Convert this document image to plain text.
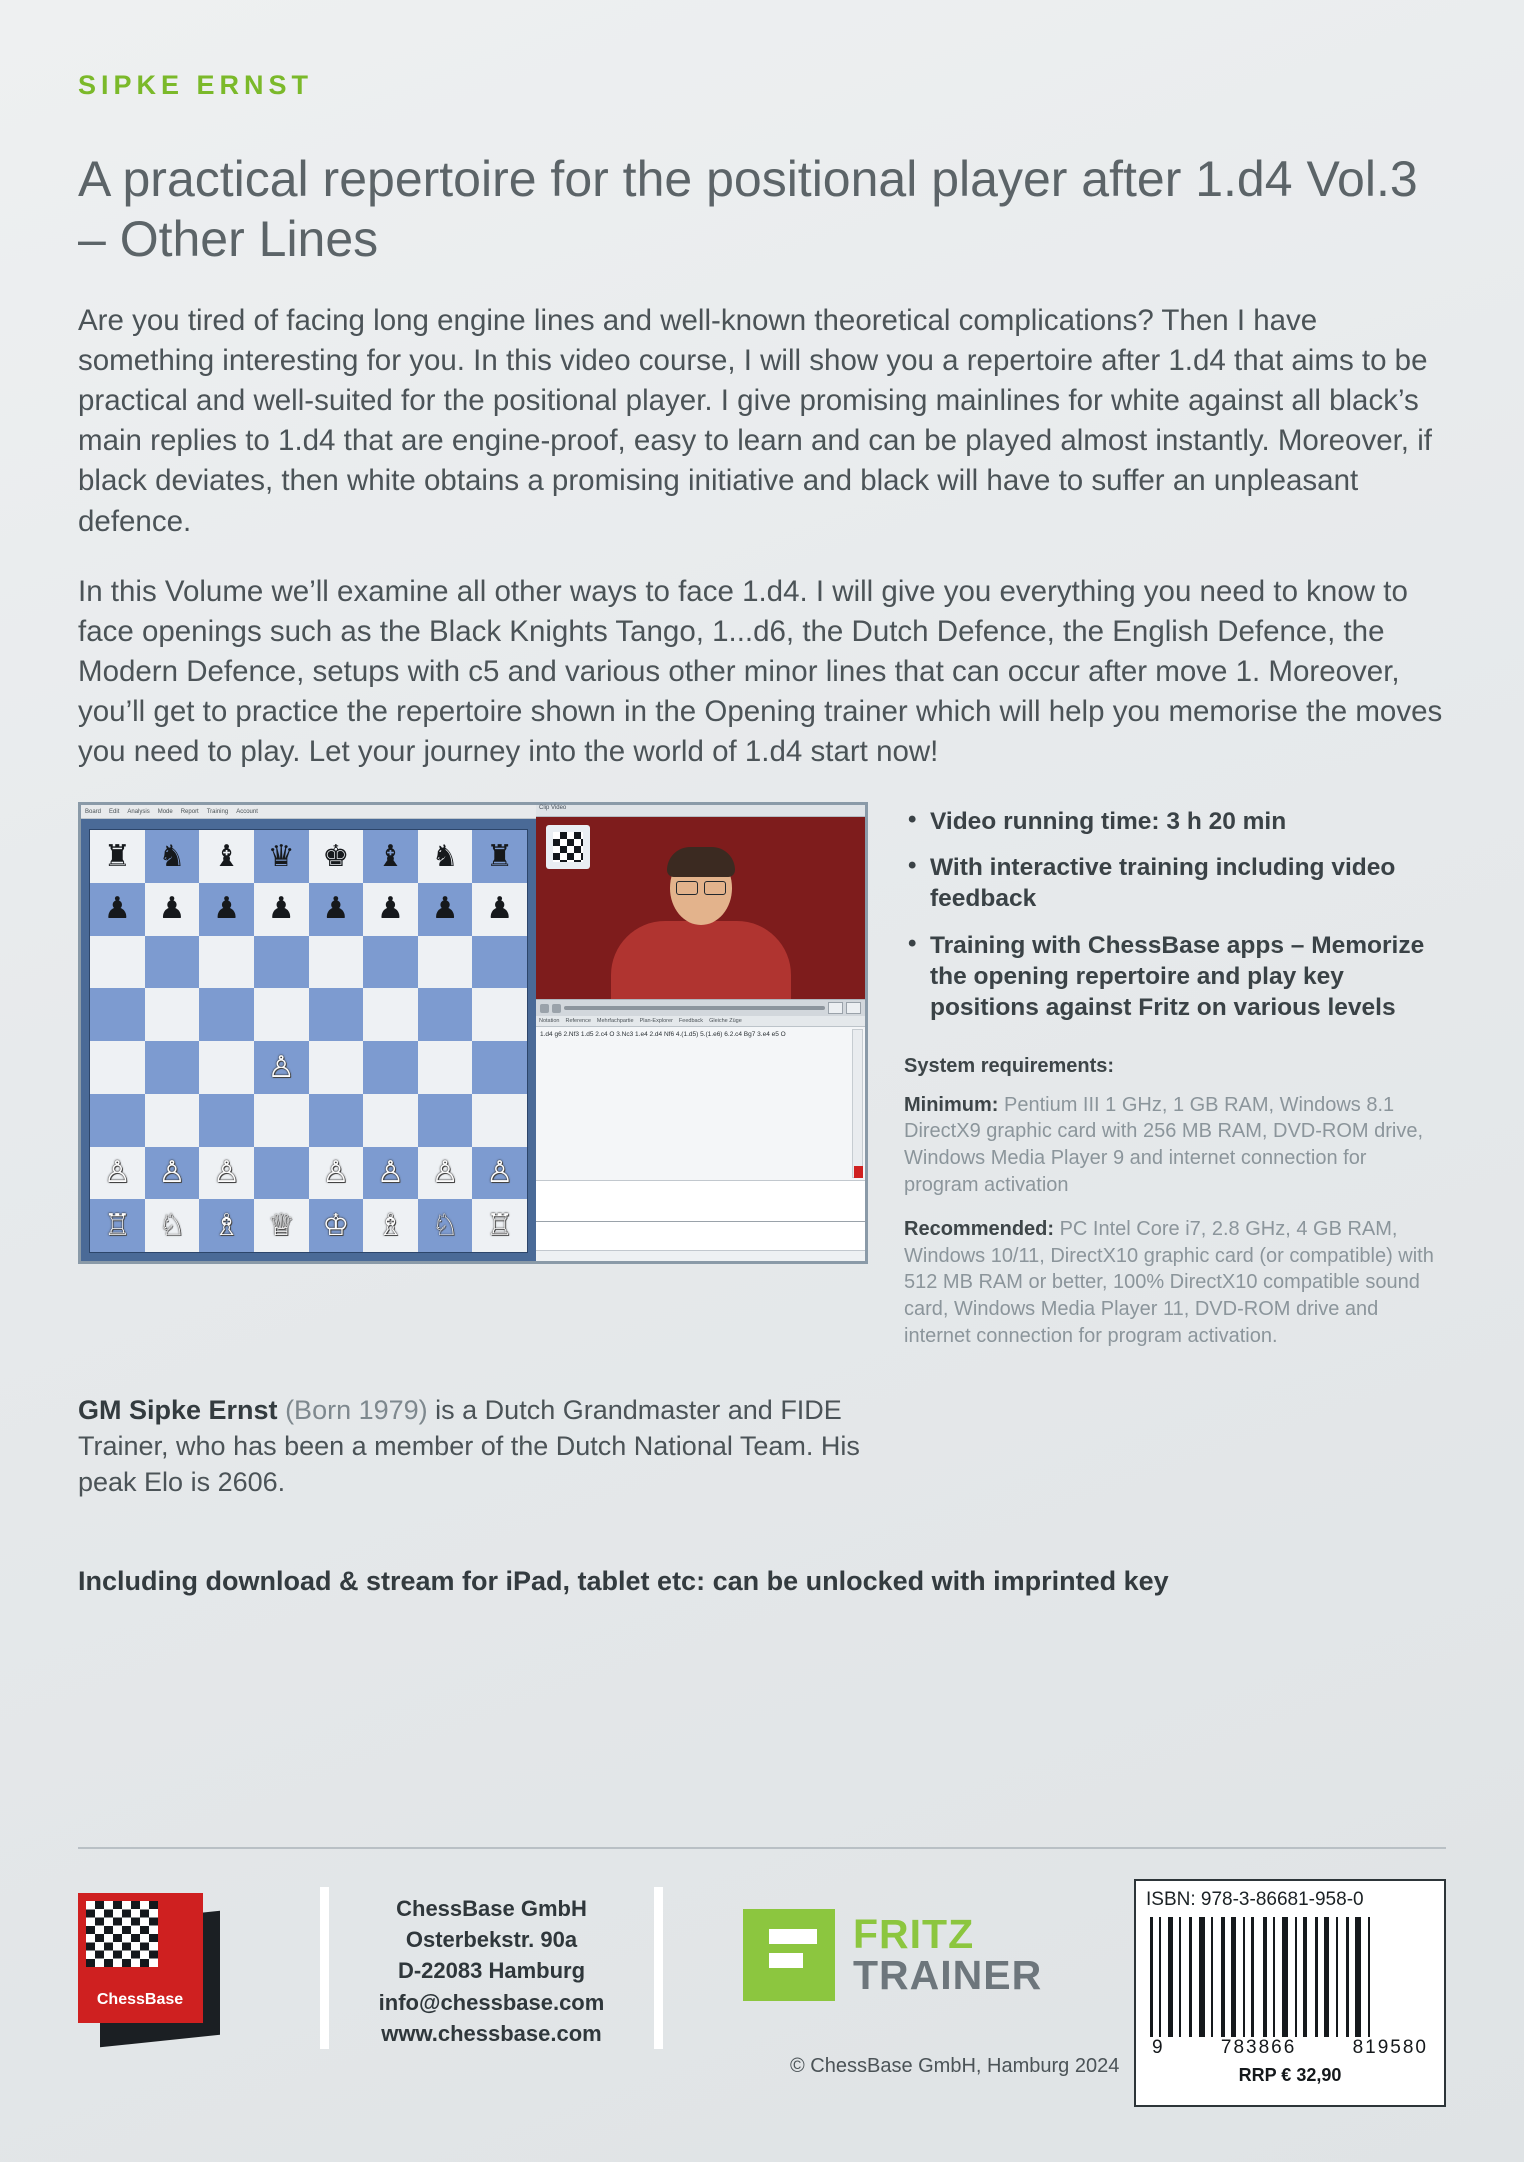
SIPKE ERNST
A practical repertoire for the positional player after 1.d4 Vol.3 – Other Lines

Are you tired of facing long engine lines and well-known theoretical complications? Then I have something interesting for you. In this video course, I will show you a repertoire after 1.d4 that aims to be practical and well-suited for the positional player. I give promising mainlines for white against all black’s main replies to 1.d4 that are engine-proof, easy to learn and can be played almost instantly. Moreover, if black deviates, then white obtains a promising initiative and black will have to suffer an unpleasant defence.

In this Volume we’ll examine all other ways to face 1.d4. I will give you everything you need to know to face openings such as the Black Knights Tango, 1...d6, the Dutch Defence, the English Defence, the Modern Defence, setups with c5 and various other minor lines that can occur after move 1. Moreover, you’ll get to practice the repertoire shown in the Opening trainer which will help you memorise the moves you need to play. Let your journey into the world of 1.d4 start now!

Board Edit Analysis Mode Report Training Account
♜ ♞ ♝ ♛ ♚ ♝ ♞ ♜
♟ ♟ ♟ ♟ ♟ ♟ ♟ ♟
♙
♙ ♙ ♙	♙ ♙ ♙ ♙
♖ ♘ ♗ ♕ ♔ ♗ ♘ ♖
Clip Video
Notation Reference Mehrfachpartie Plan-Explorer Feedback Gleiche Züge
1.d4 g6 2.Nf3 1.d5 2.c4 O 3.Nc3 1.e4 2.d4 Nf6 4.(1.d5) 5.(1.e6) 6.2.c4 Bg7 3.e4 e5 O
• Video running time: 3 h 20 min
• With interactive training including video feedback
• Training with ChessBase apps – Memorize the opening repertoire and play key positions against Fritz on various levels
System requirements:

Minimum: Pentium III 1 GHz, 1 GB RAM, Windows 8.1 DirectX9 graphic card with 256 MB RAM, DVD-ROM drive, Windows Media Player 9 and internet connection for program activation

Recommended: PC Intel Core i7, 2.8 GHz, 4 GB RAM, Windows 10/11, DirectX10 graphic card (or compatible) with 512 MB RAM or better, 100% DirectX10 compatible sound card, Windows Media Player 11, DVD-ROM drive and internet connection for program activation.

GM Sipke Ernst (Born 1979) is a Dutch Grandmaster and FIDE Trainer, who has been a member of the Dutch National Team. His peak Elo is 2606.
Including download & stream for iPad, tablet etc: can be unlocked with imprinted key
ChessBase
ChessBase GmbH
Osterbekstr. 90a
D-22083 Hamburg
info@chessbase.com
www.chessbase.com
FRITZ
TRAINER
© ChessBase GmbH, Hamburg 2024
ISBN: 978-3-86681-958-0
9	783866	819580
RRP € 32,90
